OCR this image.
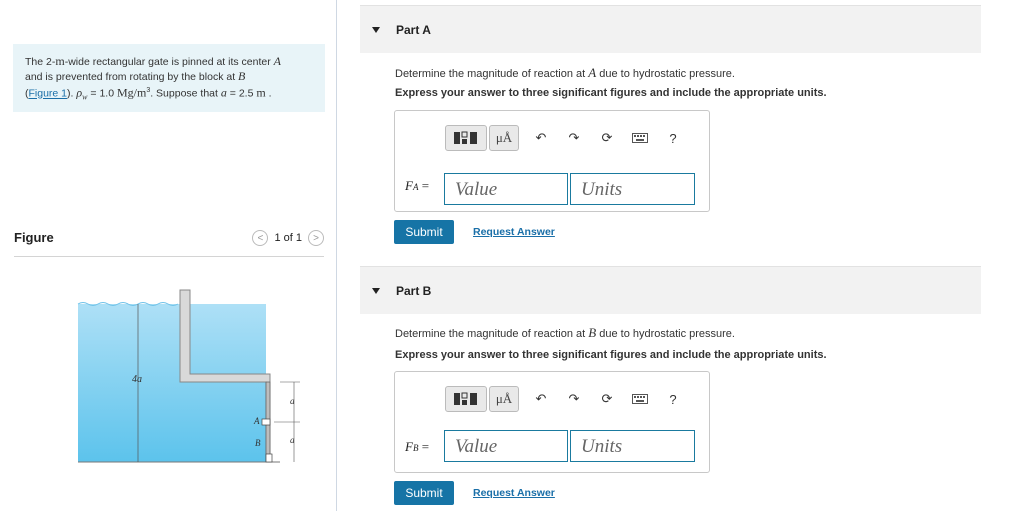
The 2-m-wide rectangular gate is pinned at its center A
and is prevented from rotating by the block at B
(Figure 1). $\rho_w = 1.0$ $Mg/m^3$. Suppose that a = 2.5 m .
Figure	<	1 of 1	>
4a
A
B
a
a
Part A
Determine the magnitude of reaction at A due to hydrostatic pressure.
Express your answer to three significant figures and include the appropriate units.
μÅ	↶	↷	⟳	?
FA =	Value	Units
Submit	Request Answer
Part B
Determine the magnitude of reaction at B due to hydrostatic pressure.
Express your answer to three significant figures and include the appropriate units.
μÅ	↶	↷	⟳	?
FB =	Value	Units
Submit	Request Answer
